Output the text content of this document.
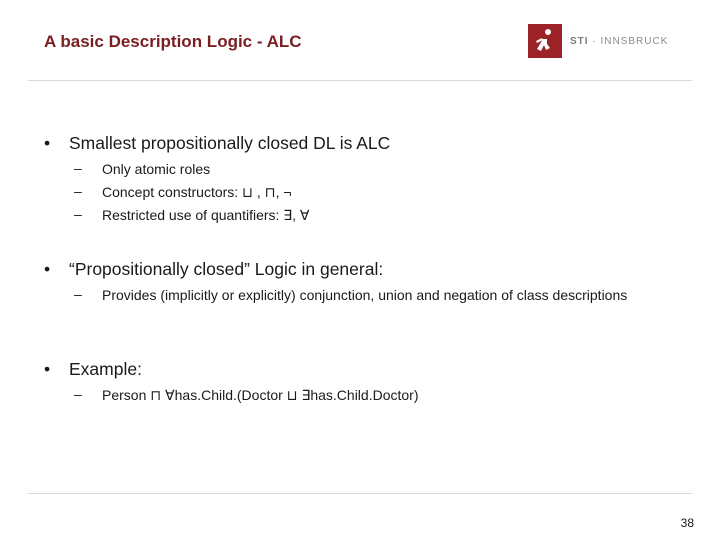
A basic Description Logic - ALC	STI · INNSBRUCK
• Smallest propositionally closed DL is ALC
–	Only atomic roles
–	Concept constructors: ⊔ , ⊓, ¬
–	Restricted use of quantifiers: ∃, ∀
• “Propositionally closed” Logic in general:
–	Provides (implicitly or explicitly) conjunction, union and negation of class descriptions
• Example:
–	Person ⊓ ∀has.Child.(Doctor ⊔ ∃has.Child.Doctor)
38
